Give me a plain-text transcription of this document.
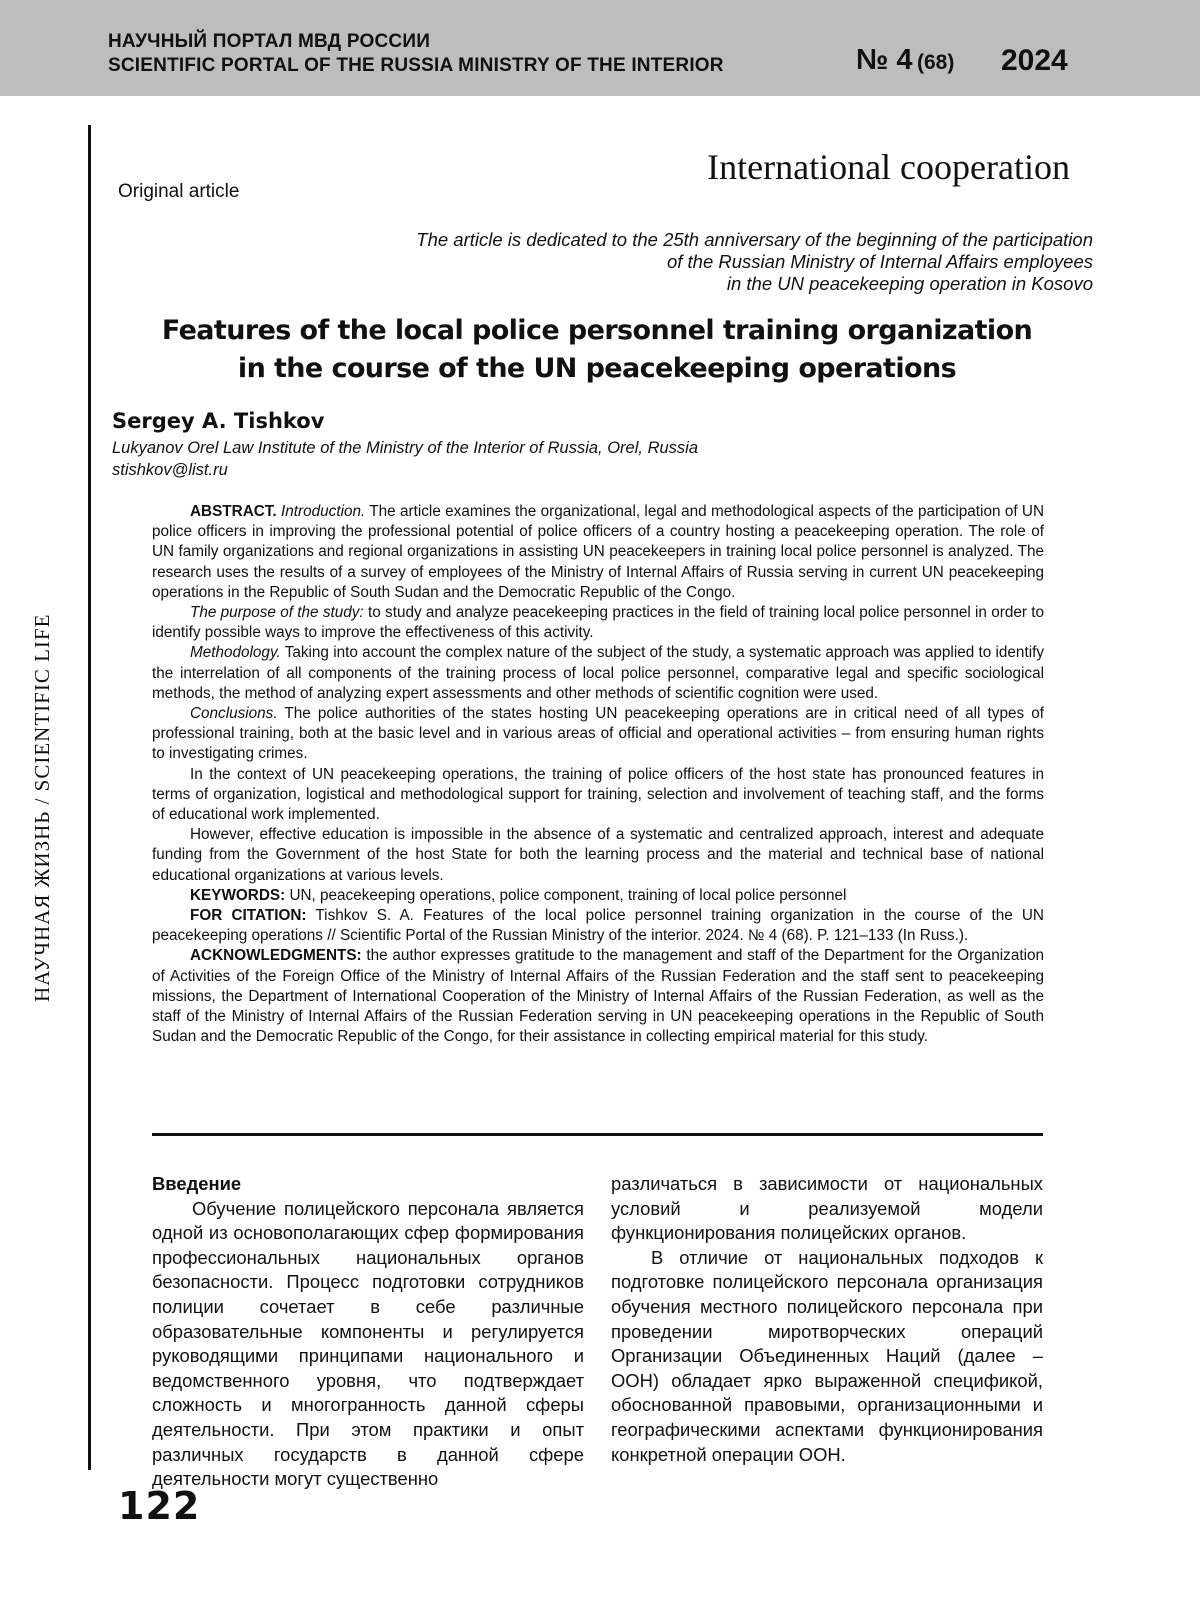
НАУЧНЫЙ ПОРТАЛ МВД РОССИИ
SCIENTIFIC PORTAL OF THE RUSSIA MINISTRY OF THE INTERIOR	№ 4 (68) 2024
НАУЧНАЯ ЖИЗНЬ / SCIENTIFIC LIFE
International cooperation
Original article
The article is dedicated to the 25th anniversary of the beginning of the participation
of the Russian Ministry of Internal Affairs employees
in the UN peacekeeping operation in Kosovo
Features of the local police personnel training organization
in the course of the UN peacekeeping operations
Sergey A. Tishkov
Lukyanov Orel Law Institute of the Ministry of the Interior of Russia, Orel, Russia
stishkov@list.ru

ABSTRACT. Introduction. The article examines the organizational, legal and methodological aspects of the participation of UN police officers in improving the professional potential of police officers of a country hosting a peacekeeping operation. The role of UN family organizations and regional organizations in assisting UN peacekeepers in training local police personnel is analyzed. The research uses the results of a survey of employees of the Ministry of Internal Affairs of Russia serving in current UN peacekeeping operations in the Republic of South Sudan and the Democratic Republic of the Congo.

The purpose of the study: to study and analyze peacekeeping practices in the field of training local police personnel in order to identify possible ways to improve the effectiveness of this activity.

Methodology. Taking into account the complex nature of the subject of the study, a systematic approach was applied to identify the interrelation of all components of the training process of local police personnel, comparative legal and specific sociological methods, the method of analyzing expert assessments and other methods of scientific cognition were used.

Conclusions. The police authorities of the states hosting UN peacekeeping operations are in critical need of all types of professional training, both at the basic level and in various areas of official and operational activities – from ensuring human rights to investigating crimes.

In the context of UN peacekeeping operations, the training of police officers of the host state has pronounced features in terms of organization, logistical and methodological support for training, selection and involvement of teaching staff, and the forms of educational work implemented.

However, effective education is impossible in the absence of a systematic and centralized approach, interest and adequate funding from the Government of the host State for both the learning process and the material and technical base of national educational organizations at various levels.

KEYWORDS: UN, peacekeeping operations, police component, training of local police personnel

FOR CITATION: Tishkov S. A. Features of the local police personnel training organization in the course of the UN peacekeeping operations // Scientific Portal of the Russian Ministry of the interior. 2024. № 4 (68). P. 121–133 (In Russ.).

ACKNOWLEDGMENTS: the author expresses gratitude to the management and staff of the Department for the Organization of Activities of the Foreign Office of the Ministry of Internal Affairs of the Russian Federation and the staff sent to peacekeeping missions, the Department of International Cooperation of the Ministry of Internal Affairs of the Russian Federation, as well as the staff of the Ministry of Internal Affairs of the Russian Federation serving in UN peacekeeping operations in the Republic of South Sudan and the Democratic Republic of the Congo, for their assistance in collecting empirical material for this study.

Введение

Обучение полицейского персонала является одной из основополагающих сфер формирования профессиональных национальных органов безопасности. Процесс подготовки сотрудников полиции сочетает в себе различные образовательные компоненты и регулируется руководящими принципами национального и ведомственного уровня, что подтверждает сложность и многогранность данной сферы деятельности. При этом практики и опыт различных государств в данной сфере деятельности могут существенно

различаться в зависимости от национальных условий и реализуемой модели функционирования полицейских органов.

В отличие от национальных подходов к подготовке полицейского персонала организация обучения местного полицейского персонала при проведении миротворческих операций Организации Объединенных Наций (далее – ООН) обладает ярко выраженной спецификой, обоснованной правовыми, организационными и географическими аспектами функционирования конкретной операции ООН.

122
